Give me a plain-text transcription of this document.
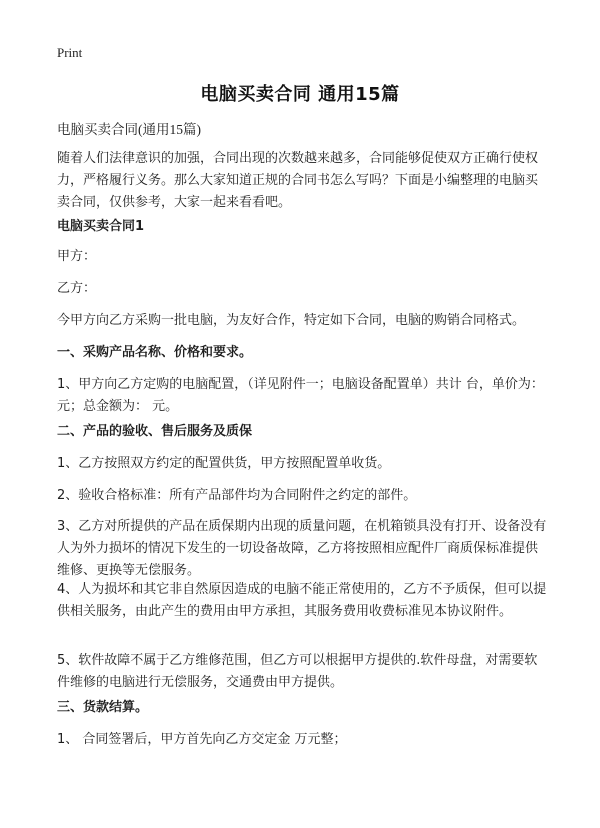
Print
电脑买卖合同 通用15篇

电脑买卖合同(通用15篇)

随着人们法律意识的加强，合同出现的次数越来越多，合同能够促使双方正确行使权力，严格履行义务。那么大家知道正规的合同书怎么写吗？下面是小编整理的电脑买卖合同，仅供参考，大家一起来看看吧。

电脑买卖合同1

甲方：

乙方：

今甲方向乙方采购一批电脑，为友好合作，特定如下合同，电脑的购销合同格式。

一、采购产品名称、价格和要求。

1、甲方向乙方定购的电脑配置，（详见附件一；电脑设备配置单）共计 台，单价为： 元；总金额为： 元。

二、产品的验收、售后服务及质保

1、乙方按照双方约定的配置供货，甲方按照配置单收货。

2、验收合格标准：所有产品部件均为合同附件之约定的部件。

3、乙方对所提供的产品在质保期内出现的质量问题，在机箱锁具没有打开、设备没有人为外力损坏的情况下发生的一切设备故障，乙方将按照相应配件厂商质保标准提供维修、更换等无偿服务。

4、人为损坏和其它非自然原因造成的电脑不能正常使用的，乙方不予质保，但可以提供相关服务，由此产生的费用由甲方承担，其服务费用收费标准见本协议附件。

5、软件故障不属于乙方维修范围，但乙方可以根据甲方提供的.软件母盘，对需要软件维修的电脑进行无偿服务，交通费由甲方提供。

三、货款结算。

1、 合同签署后，甲方首先向乙方交定金 万元整；
